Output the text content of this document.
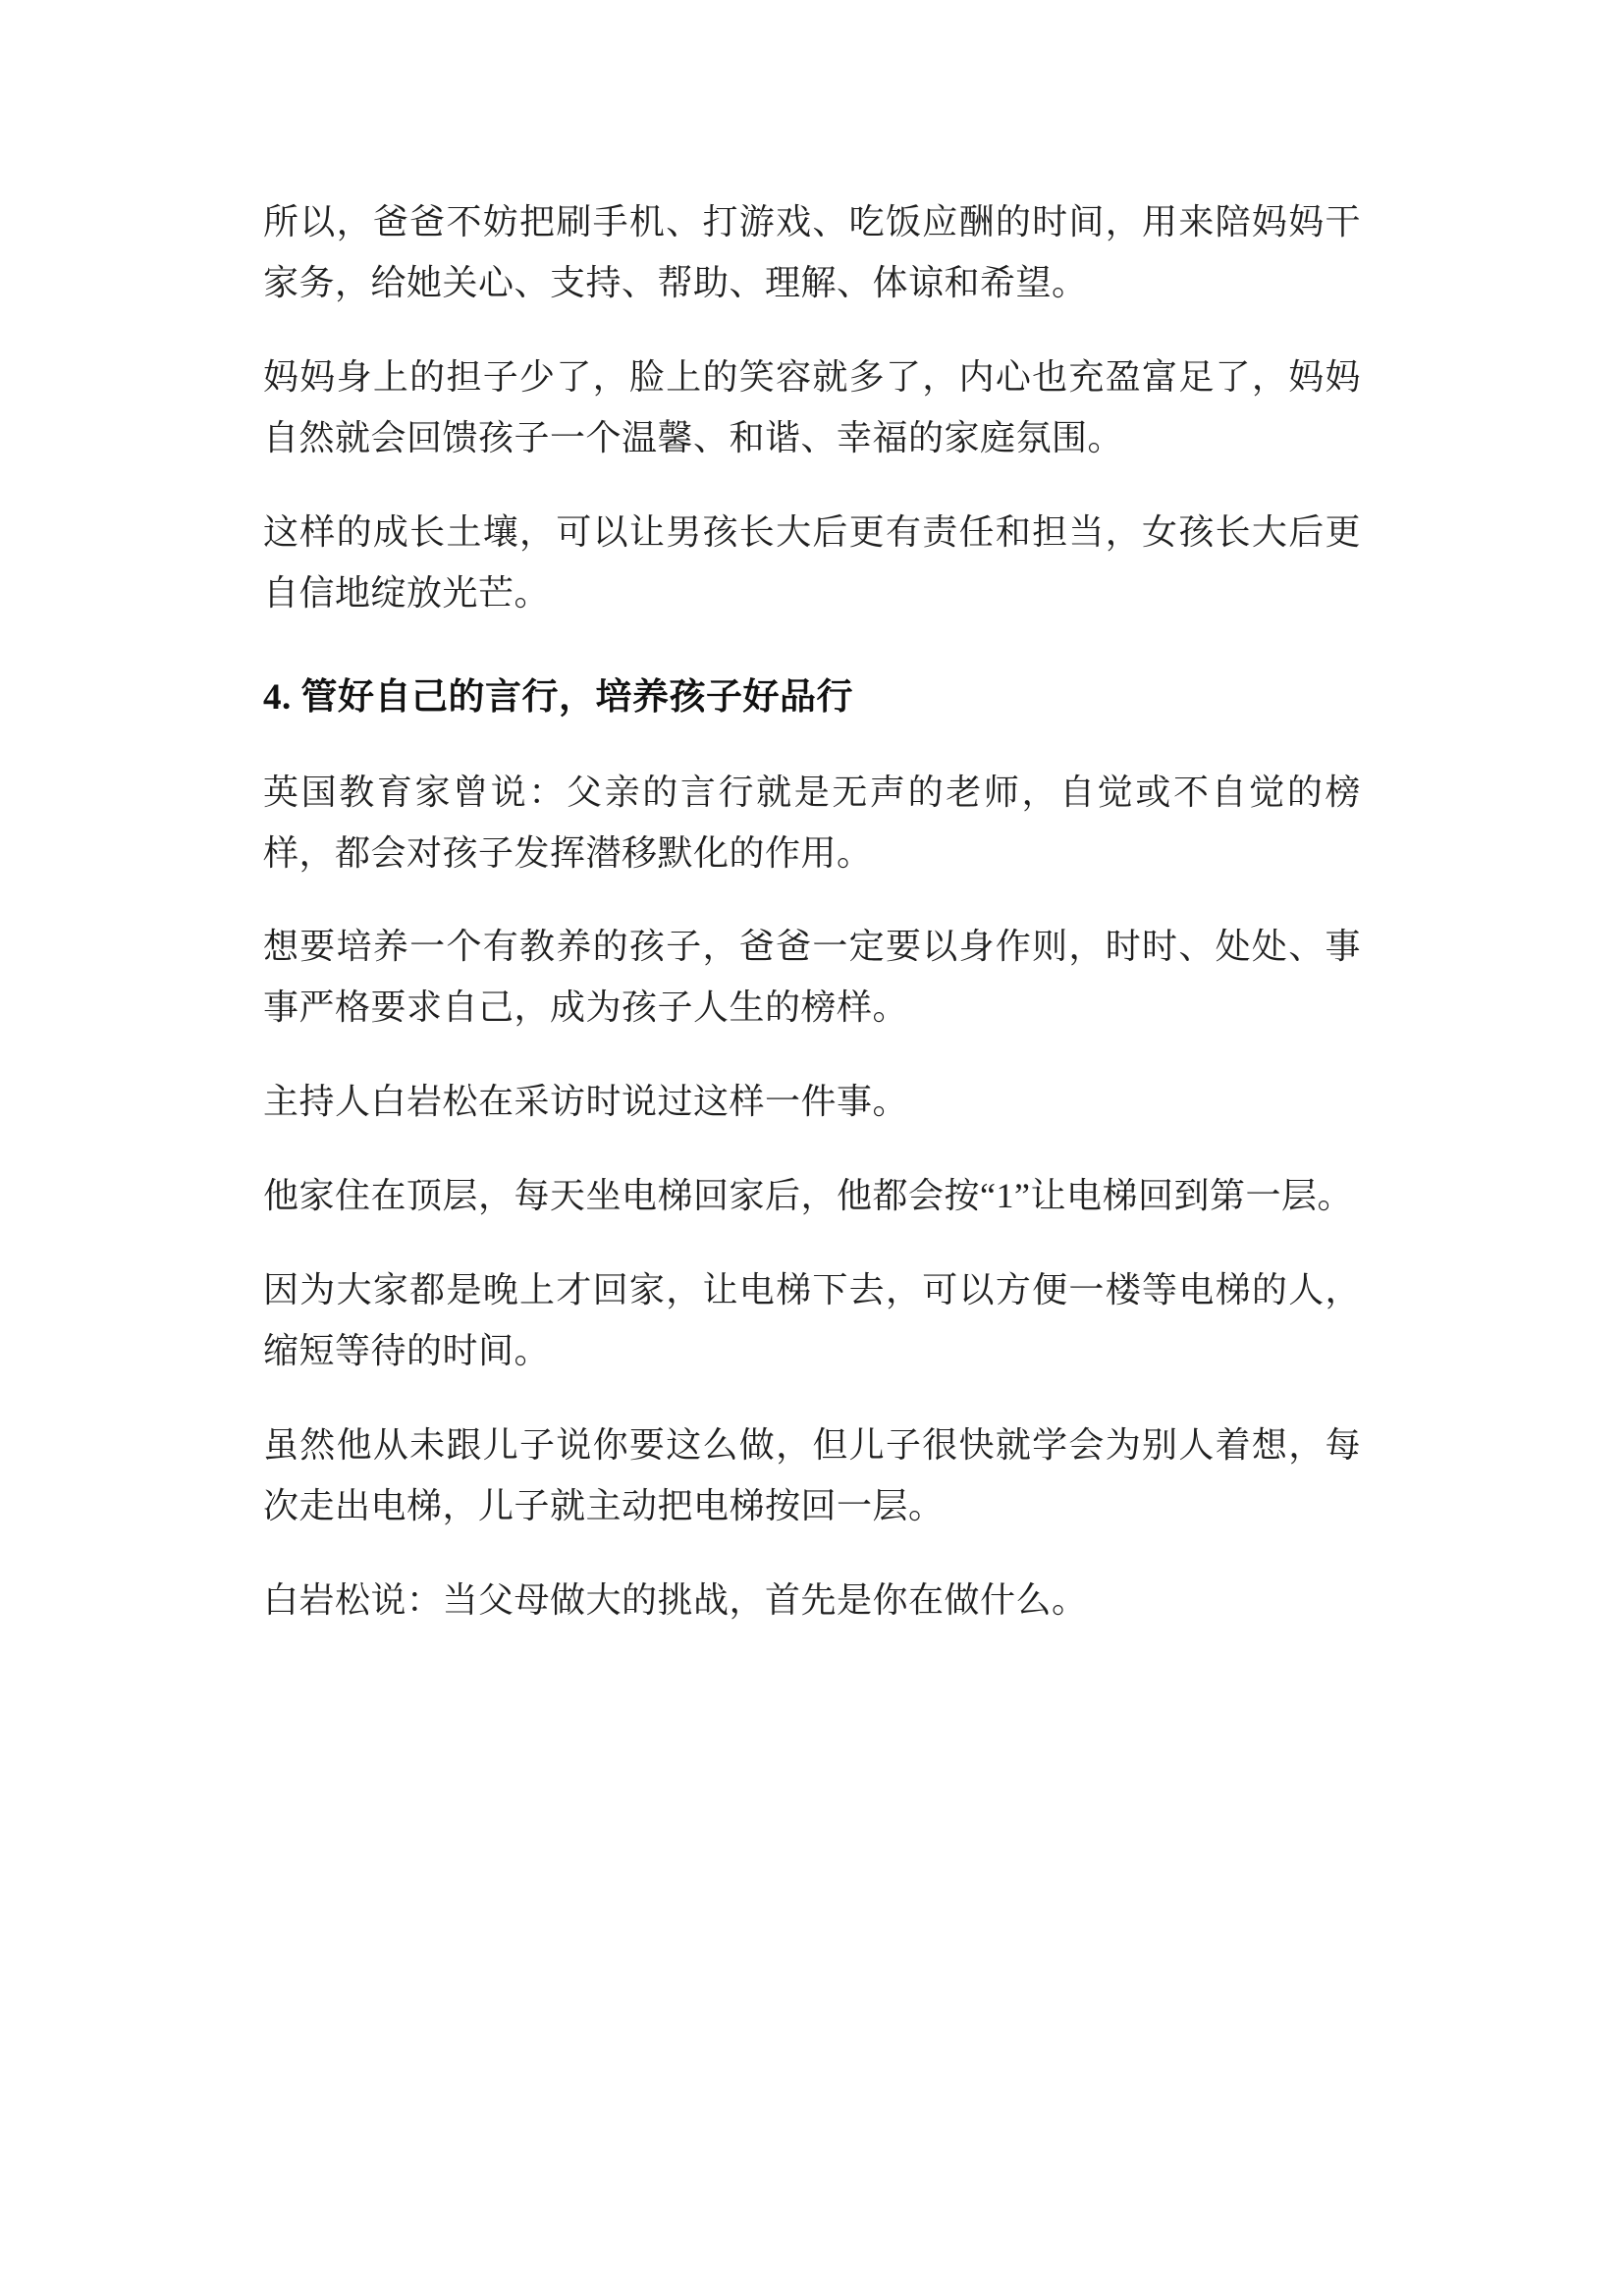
所以，爸爸不妨把刷手机、打游戏、吃饭应酬的时间，用来陪妈妈干家务，给她关心、支持、帮助、理解、体谅和希望。

妈妈身上的担子少了，脸上的笑容就多了，内心也充盈富足了，妈妈自然就会回馈孩子一个温馨、和谐、幸福的家庭氛围。

这样的成长土壤，可以让男孩长大后更有责任和担当，女孩长大后更自信地绽放光芒。

4. 管好自己的言行，培养孩子好品行

英国教育家曾说：父亲的言行就是无声的老师，自觉或不自觉的榜样，都会对孩子发挥潜移默化的作用。

想要培养一个有教养的孩子，爸爸一定要以身作则，时时、处处、事事严格要求自己，成为孩子人生的榜样。

主持人白岩松在采访时说过这样一件事。

他家住在顶层，每天坐电梯回家后，他都会按“1”让电梯回到第一层。

因为大家都是晚上才回家，让电梯下去，可以方便一楼等电梯的人，缩短等待的时间。

虽然他从未跟儿子说你要这么做，但儿子很快就学会为别人着想，每次走出电梯，儿子就主动把电梯按回一层。

白岩松说：当父母做大的挑战，首先是你在做什么。
